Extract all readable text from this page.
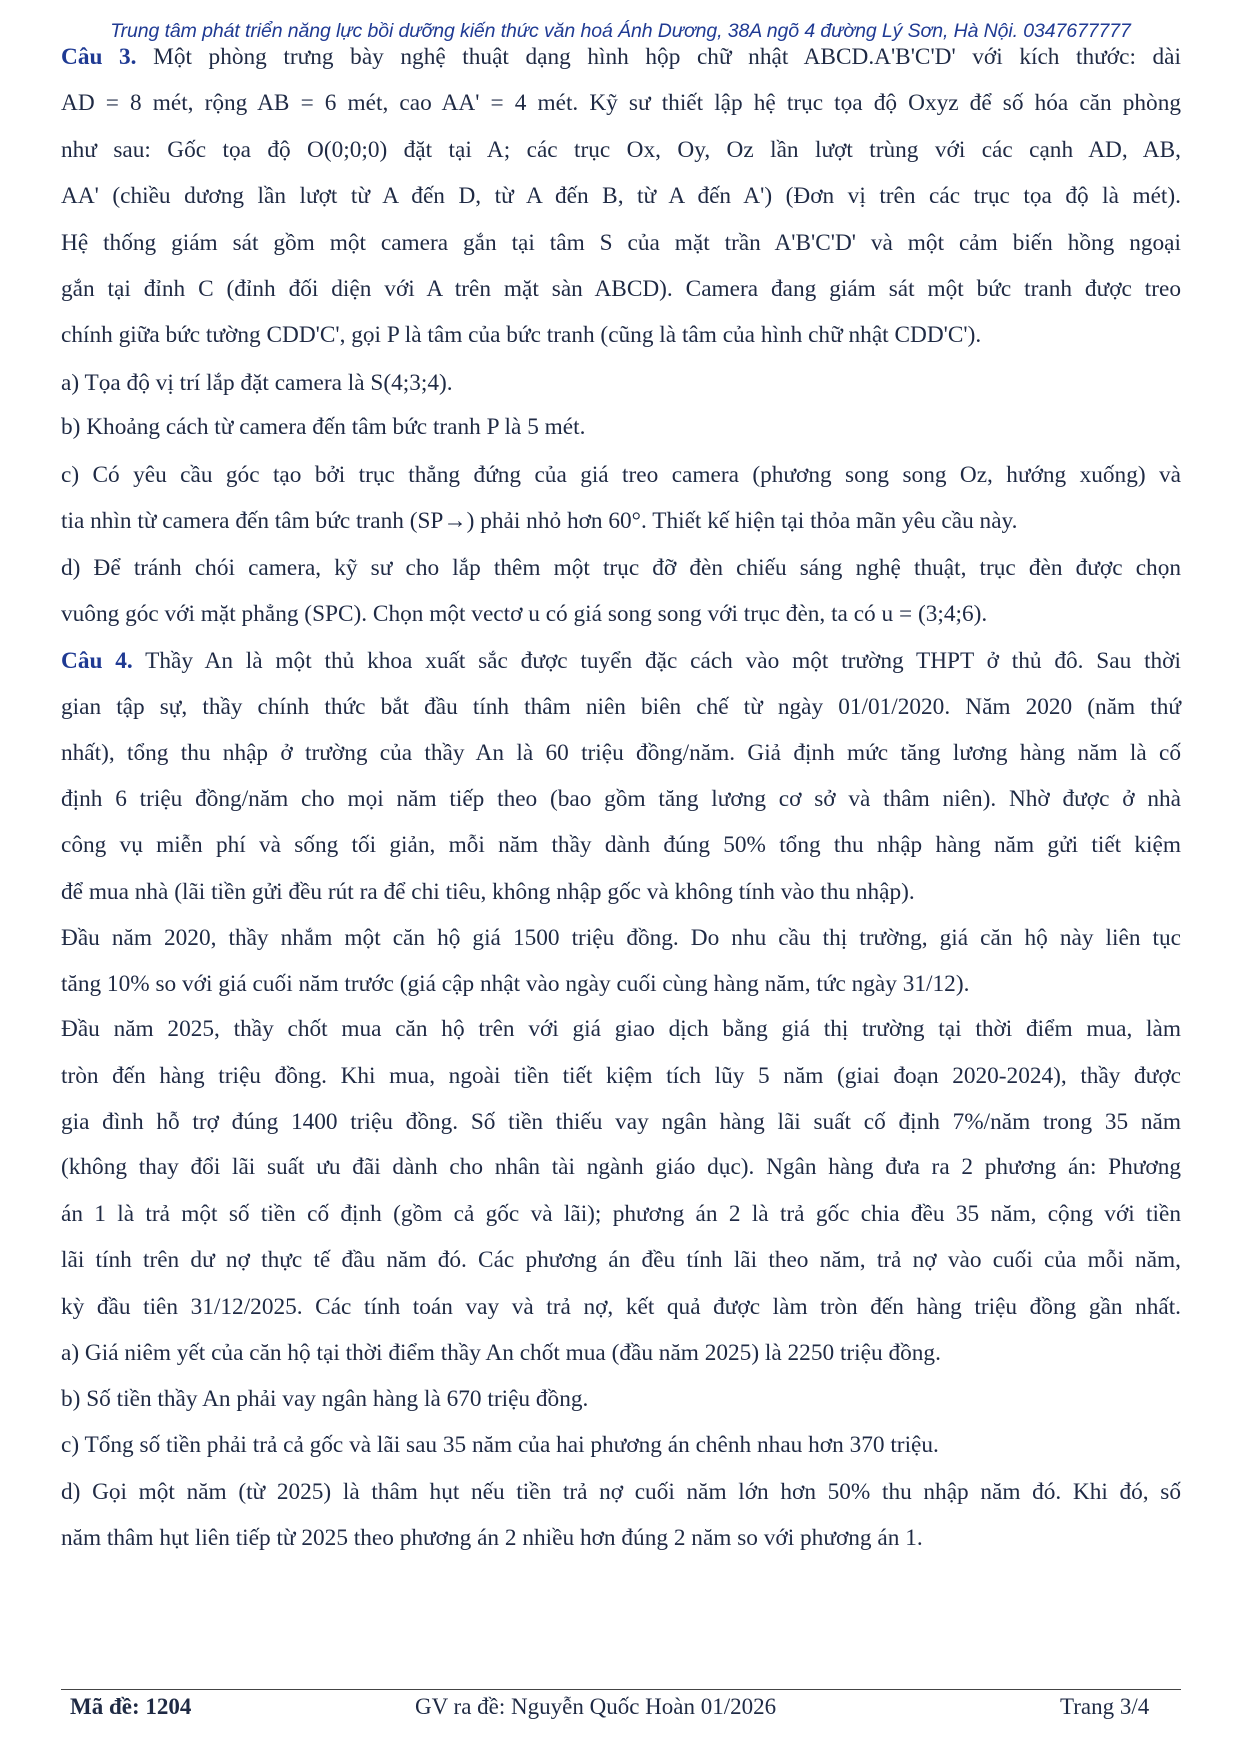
Trung tâm phát triển năng lực bồi dưỡng kiến thức văn hoá Ánh Dương, 38A ngõ 4 đường Lý Sơn, Hà Nội. 0347677777
Câu 3. Một phòng trưng bày nghệ thuật dạng hình hộp chữ nhật ABCD.A'B'C'D' với kích thước: dài
AD = 8 mét, rộng AB = 6 mét, cao AA' = 4 mét. Kỹ sư thiết lập hệ trục tọa độ Oxyz để số hóa căn phòng
như sau: Gốc tọa độ O(0;0;0) đặt tại A; các trục Ox, Oy, Oz lần lượt trùng với các cạnh AD, AB,
AA' (chiều dương lần lượt từ A đến D, từ A đến B, từ A đến A') (Đơn vị trên các trục tọa độ là mét).
Hệ thống giám sát gồm một camera gắn tại tâm S của mặt trần A'B'C'D' và một cảm biến hồng ngoại
gắn tại đỉnh C (đỉnh đối diện với A trên mặt sàn ABCD). Camera đang giám sát một bức tranh được treo
chính giữa bức tường CDD'C', gọi P là tâm của bức tranh (cũng là tâm của hình chữ nhật CDD'C').
a) Tọa độ vị trí lắp đặt camera là S(4;3;4).
b) Khoảng cách từ camera đến tâm bức tranh P là 5 mét.
c) Có yêu cầu góc tạo bởi trục thẳng đứng của giá treo camera (phương song song Oz, hướng xuống) và
tia nhìn từ camera đến tâm bức tranh (SP→) phải nhỏ hơn 60°. Thiết kế hiện tại thỏa mãn yêu cầu này.
d) Để tránh chói camera, kỹ sư cho lắp thêm một trục đỡ đèn chiếu sáng nghệ thuật, trục đèn được chọn
vuông góc với mặt phẳng (SPC). Chọn một vectơ u có giá song song với trục đèn, ta có u = (3;4;6).
Câu 4. Thầy An là một thủ khoa xuất sắc được tuyển đặc cách vào một trường THPT ở thủ đô. Sau thời
gian tập sự, thầy chính thức bắt đầu tính thâm niên biên chế từ ngày 01/01/2020. Năm 2020 (năm thứ
nhất), tổng thu nhập ở trường của thầy An là 60 triệu đồng/năm. Giả định mức tăng lương hàng năm là cố
định 6 triệu đồng/năm cho mọi năm tiếp theo (bao gồm tăng lương cơ sở và thâm niên). Nhờ được ở nhà
công vụ miễn phí và sống tối giản, mỗi năm thầy dành đúng 50% tổng thu nhập hàng năm gửi tiết kiệm
để mua nhà (lãi tiền gửi đều rút ra để chi tiêu, không nhập gốc và không tính vào thu nhập).
Đầu năm 2020, thầy nhắm một căn hộ giá 1500 triệu đồng. Do nhu cầu thị trường, giá căn hộ này liên tục
tăng 10% so với giá cuối năm trước (giá cập nhật vào ngày cuối cùng hàng năm, tức ngày 31/12).
Đầu năm 2025, thầy chốt mua căn hộ trên với giá giao dịch bằng giá thị trường tại thời điểm mua, làm
tròn đến hàng triệu đồng. Khi mua, ngoài tiền tiết kiệm tích lũy 5 năm (giai đoạn 2020-2024), thầy được
gia đình hỗ trợ đúng 1400 triệu đồng. Số tiền thiếu vay ngân hàng lãi suất cố định 7%/năm trong 35 năm
(không thay đổi lãi suất ưu đãi dành cho nhân tài ngành giáo dục). Ngân hàng đưa ra 2 phương án: Phương
án 1 là trả một số tiền cố định (gồm cả gốc và lãi); phương án 2 là trả gốc chia đều 35 năm, cộng với tiền
lãi tính trên dư nợ thực tế đầu năm đó. Các phương án đều tính lãi theo năm, trả nợ vào cuối của mỗi năm,
kỳ đầu tiên 31/12/2025. Các tính toán vay và trả nợ, kết quả được làm tròn đến hàng triệu đồng gần nhất.
a) Giá niêm yết của căn hộ tại thời điểm thầy An chốt mua (đầu năm 2025) là 2250 triệu đồng.
b) Số tiền thầy An phải vay ngân hàng là 670 triệu đồng.
c) Tổng số tiền phải trả cả gốc và lãi sau 35 năm của hai phương án chênh nhau hơn 370 triệu.
d) Gọi một năm (từ 2025) là thâm hụt nếu tiền trả nợ cuối năm lớn hơn 50% thu nhập năm đó. Khi đó, số
năm thâm hụt liên tiếp từ 2025 theo phương án 2 nhiều hơn đúng 2 năm so với phương án 1.
Mã đề: 1204	GV ra đề: Nguyễn Quốc Hoàn 01/2026	Trang 3/4
